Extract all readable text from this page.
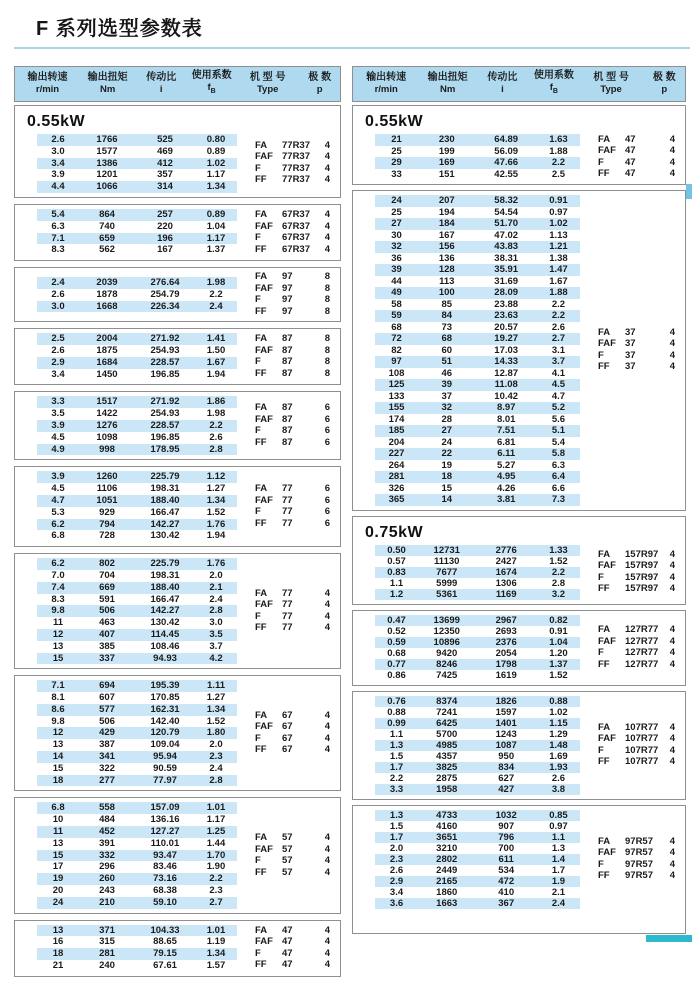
F 系列选型参数表
输出转速
r/min
输出扭矩
Nm
传动比
i
使用系数
$f_B$
机 型 号
Type
极 数
p
0.55kW
2.6	1766	525	0.80
3.0	1577	469	0.89
3.4	1386	412	1.02
3.9	1201	357	1.17
4.4	1066	314	1.34
FA	77R37	4
FAF 77R37	4
F	77R37	4
FF	77R37	4
5.4	864	257	0.89
6.3	740	220	1.04
7.1	659	196	1.17
8.3	562	167	1.37
FA	67R37	4
FAF 67R37	4
F	67R37	4
FF	67R37	4
2.4	2039	276.64	1.98
2.6	1878	254.79	2.2
3.0	1668	226.34	2.4
FA	97	8
FAF 97	8
F	97	8
FF	97	8
2.5	2004	271.92	1.41
2.6	1875	254.93	1.50
2.9	1684	228.57	1.67
3.4	1450	196.85	1.94
FA	87	8
FAF 87	8
F	87	8
FF	87	8
3.3	1517	271.92	1.86
3.5	1422	254.93	1.98
3.9	1276	228.57	2.2
4.5	1098	196.85	2.6
4.9	998	178.95	2.8
FA	87	6
FAF 87	6
F	87	6
FF	87	6
3.9	1260	225.79	1.12
4.5	1106	198.31	1.27
4.7	1051	188.40	1.34
5.3	929	166.47	1.52
6.2	794	142.27	1.76
6.8	728	130.42	1.94
FA	77	6
FAF 77	6
F	77	6
FF	77	6
6.2	802	225.79	1.76
7.0	704	198.31	2.0
7.4	669	188.40	2.1
8.3	591	166.47	2.4
9.8	506	142.27	2.8
11	463	130.42	3.0
12	407	114.45	3.5
13	385	108.46	3.7
15	337	94.93	4.2
FA	77	4
FAF 77	4
F	77	4
FF	77	4
7.1	694	195.39	1.11
8.1	607	170.85	1.27
8.6	577	162.31	1.34
9.8	506	142.40	1.52
12	429	120.79	1.80
13	387	109.04	2.0
14	341	95.94	2.3
15	322	90.59	2.4
18	277	77.97	2.8
FA	67	4
FAF 67	4
F	67	4
FF	67	4
6.8	558	157.09	1.01
10	484	136.16	1.17
11	452	127.27	1.25
13	391	110.01	1.44
15	332	93.47	1.70
17	296	83.46	1.90
19	260	73.16	2.2
20	243	68.38	2.3
24	210	59.10	2.7
FA	57	4
FAF 57	4
F	57	4
FF	57	4
13	371	104.33	1.01
16	315	88.65	1.19
18	281	79.15	1.34
21	240	67.61	1.57
FA	47	4
FAF 47	4
F	47	4
FF	47	4
输出转速
r/min
输出扭矩
Nm
传动比
i
使用系数
$f_B$
机 型 号
Type
极 数
p
0.55kW
21	230	64.89	1.63
25	199	56.09	1.88
29	169	47.66	2.2
33	151	42.55	2.5
FA	47	4
FAF 47	4
F	47	4
FF	47	4
24	207	58.32	0.91
25	194	54.54	0.97
27	184	51.70	1.02
30	167	47.02	1.13
32	156	43.83	1.21
36	136	38.31	1.38
39	128	35.91	1.47
44	113	31.69	1.67
49	100	28.09	1.88
58	85	23.88	2.2
59	84	23.63	2.2
68	73	20.57	2.6
72	68	19.27	2.7
82	60	17.03	3.1
97	51	14.33	3.7
108	46	12.87	4.1
125	39	11.08	4.5
133	37	10.42	4.7
155	32	8.97	5.2
174	28	8.01	5.6
185	27	7.51	5.1
204	24	6.81	5.4
227	22	6.11	5.8
264	19	5.27	6.3
281	18	4.95	6.4
326	15	4.26	6.6
365	14	3.81	7.3
FA	37	4
FAF 37	4
F	37	4
FF	37	4
0.75kW
0.50	12731	2776	1.33
0.57	11130	2427	1.52
0.83	7677	1674	2.2
1.1	5999	1306	2.8
1.2	5361	1169	3.2
FA	157R97	4
FAF 157R97	4
F	157R97	4
FF	157R97	4
0.47	13699	2967	0.82
0.52	12350	2693	0.91
0.59	10896	2376	1.04
0.68	9420	2054	1.20
0.77	8246	1798	1.37
0.86	7425	1619	1.52
FA	127R77	4
FAF 127R77	4
F	127R77	4
FF	127R77	4
0.76	8374	1826	0.88
0.88	7241	1597	1.02
0.99	6425	1401	1.15
1.1	5700	1243	1.29
1.3	4985	1087	1.48
1.5	4357	950	1.69
1.7	3825	834	1.93
2.2	2875	627	2.6
3.3	1958	427	3.8
FA	107R77	4
FAF 107R77	4
F	107R77	4
FF	107R77	4
1.3	4733	1032	0.85
1.5	4160	907	0.97
1.7	3651	796	1.1
2.0	3210	700	1.3
2.3	2802	611	1.4
2.6	2449	534	1.7
2.9	2165	472	1.9
3.4	1860	410	2.1
3.6	1663	367	2.4
FA	97R57	4
FAF 97R57	4
F	97R57	4
FF	97R57	4
